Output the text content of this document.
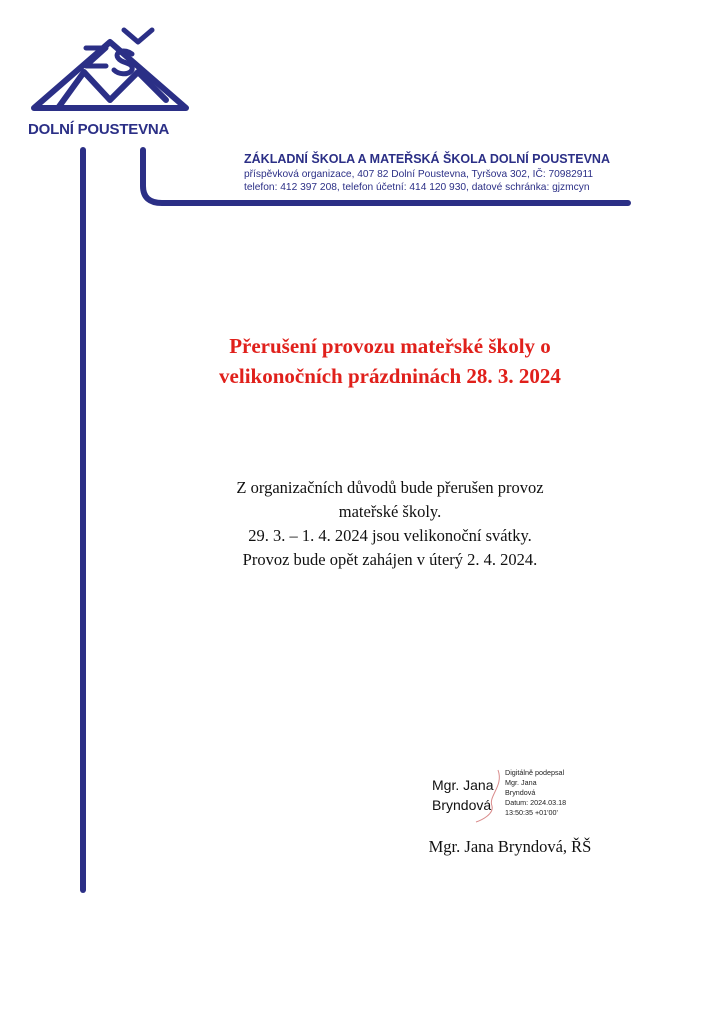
DOLNÍ POUSTEVNA
ZÁKLADNÍ ŠKOLA A MATEŘSKÁ ŠKOLA DOLNÍ POUSTEVNA
příspěvková organizace, 407 82 Dolní Poustevna, Tyršova 302, IČ: 70982911
telefon: 412 397 208, telefon účetní: 414 120 930, datové schránka: gjzmcyn
Přerušení provozu mateřské školy o
velikonočních prázdninách 28. 3. 2024
Z organizačních důvodů bude přerušen provoz
mateřské školy.
29. 3. – 1. 4. 2024 jsou velikonoční svátky.
Provoz bude opět zahájen v úterý 2. 4. 2024.
Mgr. Jana
Bryndová
Digitálně podepsal
Mgr. Jana
Bryndová
Datum: 2024.03.18
13:50:35 +01'00'
Mgr. Jana Bryndová, ŘŠ
